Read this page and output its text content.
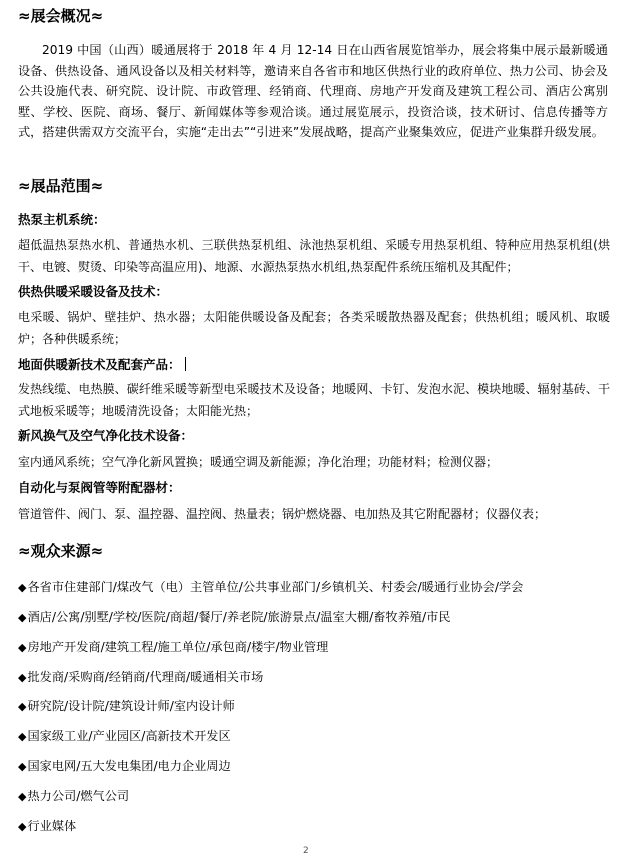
≈展会概况≈
2019 中国（山西）暖通展将于 2018 年 4 月 12-14 日在山西省展览馆举办，展会将集中展示最新暖通设备、供热设备、通风设备以及相关材料等，邀请来自各省市和地区供热行业的政府单位、热力公司、协会及公共设施代表、研究院、设计院、市政管理、经销商、代理商、房地产开发商及建筑工程公司、酒店公寓别墅、学校、医院、商场、餐厅、新闻媒体等参观洽谈。通过展览展示，投资洽谈，技术研讨、信息传播等方式，搭建供需双方交流平台，实施“走出去”“引进来”发展战略，提高产业聚集效应，促进产业集群升级发展。
≈展品范围≈
热泵主机系统：
超低温热泵热水机、普通热水机、三联供热泵机组、泳池热泵机组、采暖专用热泵机组、特种应用热泵机组(烘干、电镀、熨烫、印染等高温应用)、地源、水源热泵热水机组,热泵配件系统压缩机及其配件；
供热供暖采暖设备及技术：
电采暖、锅炉、壁挂炉、热水器；太阳能供暖设备及配套；各类采暖散热器及配套；供热机组；暖风机、取暖炉；各种供暖系统；
地面供暖新技术及配套产品：
发热线缆、电热膜、碳纤维采暖等新型电采暖技术及设备；地暖网、卡钉、发泡水泥、模块地暖、辐射基砖、干式地板采暖等；地暖清洗设备；太阳能光热；
新风换气及空气净化技术设备：
室内通风系统；空气净化新风置换；暖通空调及新能源；净化治理；功能材料；检测仪器；
自动化与泵阀管等附配器材：
管道管件、阀门、泵、温控器、温控阀、热量表；锅炉燃烧器、电加热及其它附配器材；仪器仪表；
≈观众来源≈
◆各省市住建部门/煤改气（电）主管单位/公共事业部门/乡镇机关、村委会/暖通行业协会/学会
◆酒店/公寓/别墅/学校/医院/商超/餐厅/养老院/旅游景点/温室大棚/畜牧养殖/市民
◆房地产开发商/建筑工程/施工单位/承包商/楼宇/物业管理
◆批发商/采购商/经销商/代理商/暖通相关市场
◆研究院/设计院/建筑设计师/室内设计师
◆国家级工业/产业园区/高新技术开发区
◆国家电网/五大发电集团/电力企业周边
◆热力公司/燃气公司
◆行业媒体
2
